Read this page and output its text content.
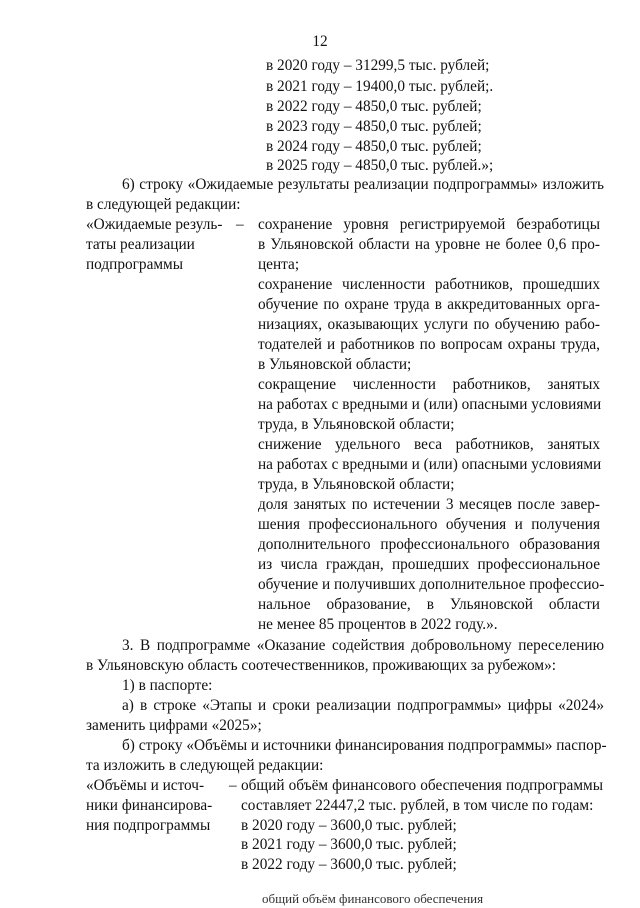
12
в 2020 году – 31299,5 тыс. рублей;
в 2021 году – 19400,0 тыс. рублей;.
в 2022 году – 4850,0 тыс. рублей;
в 2023 году – 4850,0 тыс. рублей;
в 2024 году – 4850,0 тыс. рублей;
в 2025 году – 4850,0 тыс. рублей.»;
6) строку «Ожидаемые результаты реализации подпрограммы» изложить
в следующей редакции:
«Ожидаемые резуль-
таты реализации
подпрограммы
– сохранение уровня регистрируемой безработицы
в Ульяновской области на уровне не более 0,6 про-
цента;
сохранение численности работников, прошедших
обучение по охране труда в аккредитованных орга-
низациях, оказывающих услуги по обучению рабо-
тодателей и работников по вопросам охраны труда,
в Ульяновской области;
сокращение численности работников, занятых
на работах с вредными и (или) опасными условиями
труда, в Ульяновской области;
снижение удельного веса работников, занятых
на работах с вредными и (или) опасными условиями
труда, в Ульяновской области;
доля занятых по истечении 3 месяцев после завер-
шения профессионального обучения и получения
дополнительного профессионального образования
из числа граждан, прошедших профессиональное
обучение и получивших дополнительное профессио-
нальное образование, в Ульяновской области
не менее 85 процентов в 2022 году.».
3. В подпрограмме «Оказание содействия добровольному переселению
в Ульяновскую область соотечественников, проживающих за рубежом»:
1) в паспорте:
а) в строке «Этапы и сроки реализации подпрограммы» цифры «2024»
заменить цифрами «2025»;
б) строку «Объёмы и источники финансирования подпрограммы» паспор-
та изложить в следующей редакции:
«Объёмы и источ-
ники финансирова-
ния подпрограммы
– общий объём финансового обеспечения подпрограммы
составляет 22447,2 тыс. рублей, в том числе по годам:
в 2020 году – 3600,0 тыс. рублей;
в 2021 году – 3600,0 тыс. рублей;
в 2022 году – 3600,0 тыс. рублей;
общий объём финансового обеспечения
